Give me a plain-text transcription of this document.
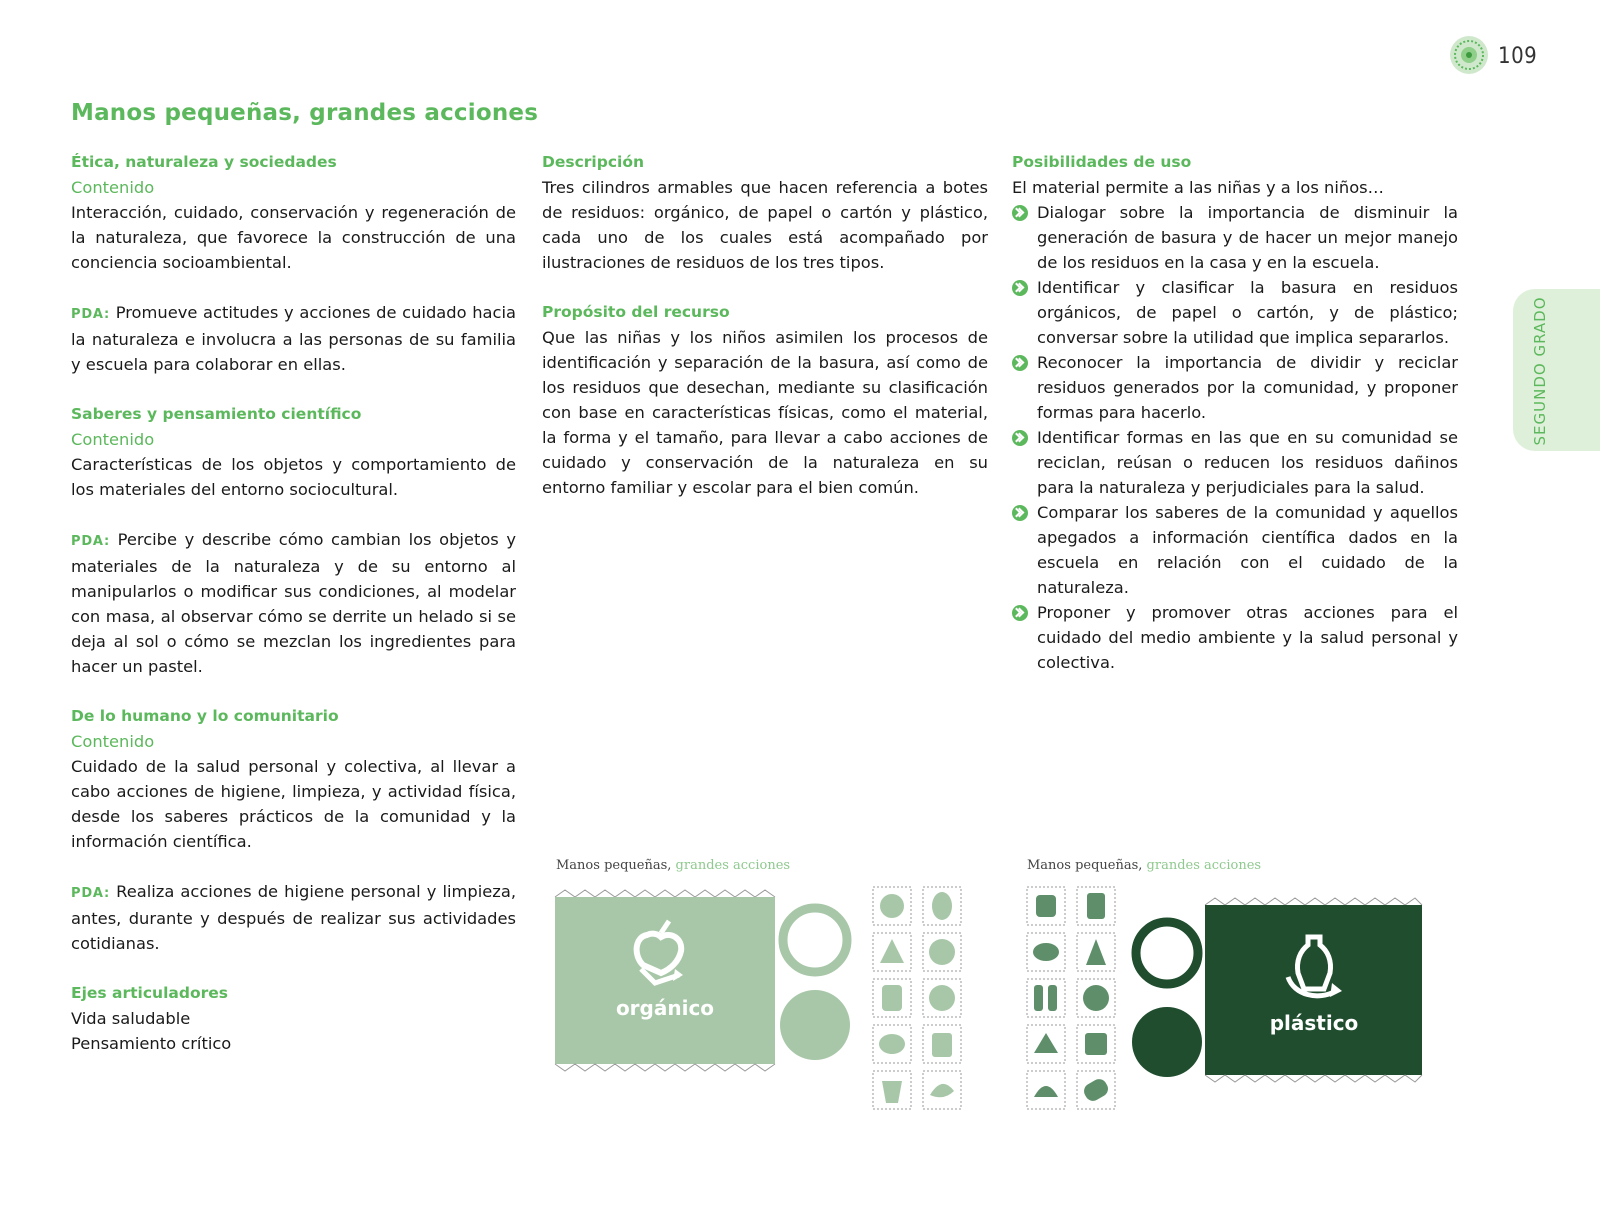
109
SEGUNDO GRADO
Manos pequeñas, grandes acciones
Ética, naturaleza y sociedades
Contenido

Interacción, cuidado, conservación y regeneración de la naturaleza, que favorece la construcción de una conciencia socioambiental.

PDA: Promueve actitudes y acciones de cuidado hacia la naturaleza e involucra a las personas de su familia y escuela para colaborar en ellas.

Saberes y pensamiento científico
Contenido

Características de los objetos y comportamiento de los materiales del entorno sociocultural.

PDA: Percibe y describe cómo cambian los objetos y materiales de la naturaleza y de su entorno al manipularlos o modificar sus condiciones, al modelar con masa, al observar cómo se derrite un helado si se deja al sol o cómo se mezclan los ingredientes para hacer un pastel.

De lo humano y lo comunitario
Contenido

Cuidado de la salud personal y colectiva, al llevar a cabo acciones de higiene, limpieza, y actividad física, desde los saberes prácticos de la comunidad y la información científica.

PDA: Realiza acciones de higiene personal y limpieza, antes, durante y después de realizar sus actividades cotidianas.

Ejes articuladores
Vida saludable
Pensamiento crítico
Descripción

Tres cilindros armables que hacen referencia a botes de residuos: orgánico, de papel o cartón y plástico, cada uno de los cuales está acompañado por ilustraciones de residuos de los tres tipos.

Propósito del recurso

Que las niñas y los niños asimilen los procesos de identificación y separación de la basura, así como de los residuos que desechan, mediante su clasificación con base en características físicas, como el material, la forma y el tamaño, para llevar a cabo acciones de cuidado y conservación de la naturaleza en su entorno familiar y escolar para el bien común.

Posibilidades de uso
El material permite a las niñas y a los niños…
Dialogar sobre la importancia de disminuir la generación de basura y de hacer un mejor manejo de los residuos en la casa y en la escuela.
Identificar y clasificar la basura en residuos orgánicos, de papel o cartón, y de plástico; conversar sobre la utilidad que implica separarlos.
Reconocer la importancia de dividir y reciclar residuos generados por la comunidad, y proponer formas para hacerlo.
Identificar formas en las que en su comunidad se reciclan, reúsan o reducen los residuos dañinos para la naturaleza y perjudiciales para la salud.
Comparar los saberes de la comunidad y aquellos apegados a información científica dados en la escuela en relación con el cuidado de la naturaleza.
Proponer y promover otras acciones para el cuidado del medio ambiente y la salud personal y colectiva.
Manos pequeñas, grandes acciones
orgánico
Manos pequeñas, grandes acciones
plástico
